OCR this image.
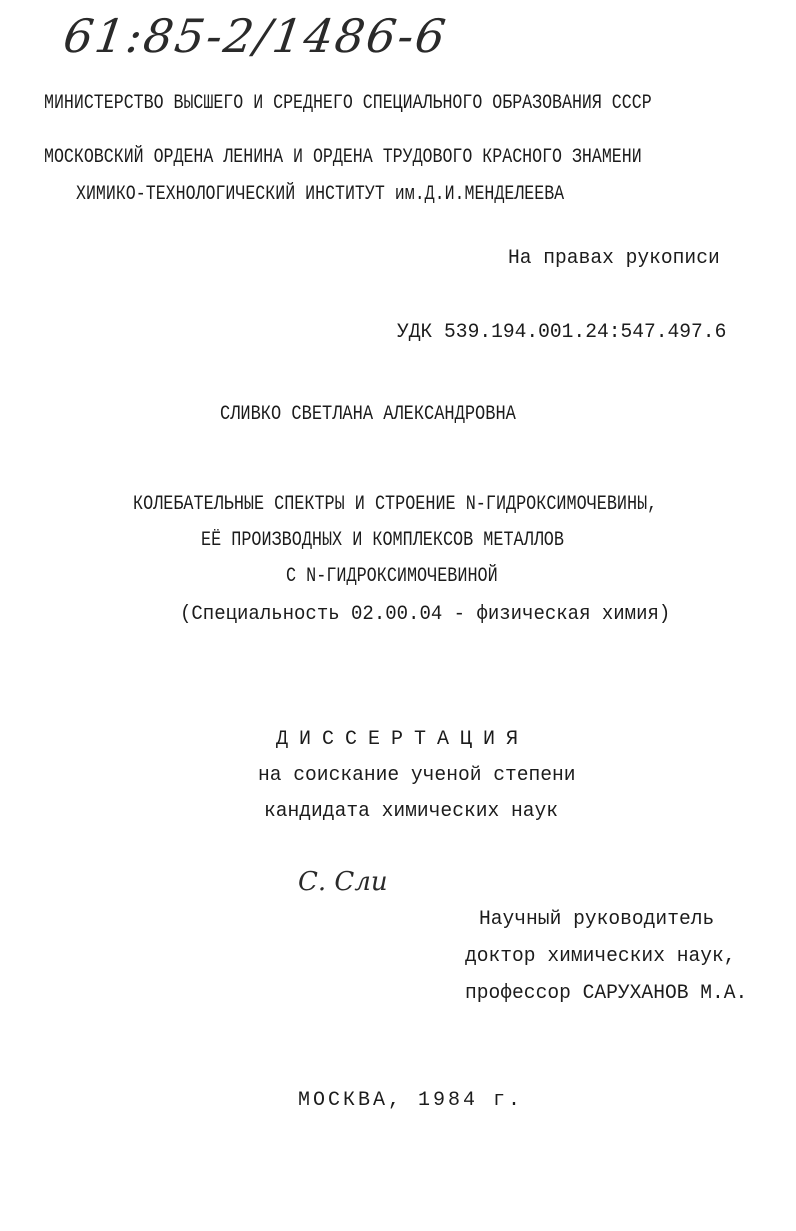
61:85-2/1486-6
МИНИСТЕРСТВО ВЫСШЕГО И СРЕДНЕГО СПЕЦИАЛЬНОГО ОБРАЗОВАНИЯ СССР
МОСКОВСКИЙ ОРДЕНА ЛЕНИНА И ОРДЕНА ТРУДОВОГО КРАСНОГО ЗНАМЕНИ
ХИМИКО-ТЕХНОЛОГИЧЕСКИЙ ИНСТИТУТ им.Д.И.МЕНДЕЛЕЕВА
На правах рукописи
УДК 539.194.001.24:547.497.6
СЛИВКО СВЕТЛАНА АЛЕКСАНДРОВНА
КОЛЕБАТЕЛЬНЫЕ СПЕКТРЫ И СТРОЕНИЕ N-ГИДРОКСИМОЧЕВИНЫ,
ЕЁ ПРОИЗВОДНЫХ И КОМПЛЕКСОВ МЕТАЛЛОВ
С N-ГИДРОКСИМОЧЕВИНОЙ
(Специальность 02.00.04 - физическая химия)
ДИССЕРТАЦИЯ
на соискание ученой степени
кандидата химических наук
С. Сли
Научный руководитель
доктор химических наук,
профессор САРУХАНОВ М.А.
МОСКВА, 1984 г.
